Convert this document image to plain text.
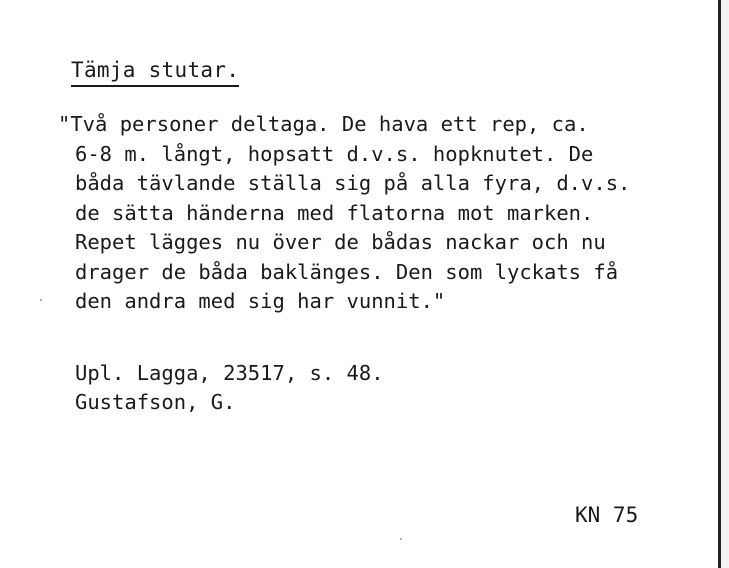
Tämja stutar.
"Två personer deltaga. De hava ett rep, ca.
6-8 m. långt, hopsatt d.v.s. hopknutet. De
båda tävlande ställa sig på alla fyra, d.v.s.
de sätta händerna med flatorna mot marken.
Repet lägges nu över de bådas nackar och nu
drager de båda baklänges. Den som lyckats få
den andra med sig har vunnit."
Upl. Lagga, 23517, s. 48.
Gustafson, G.
KN 75
